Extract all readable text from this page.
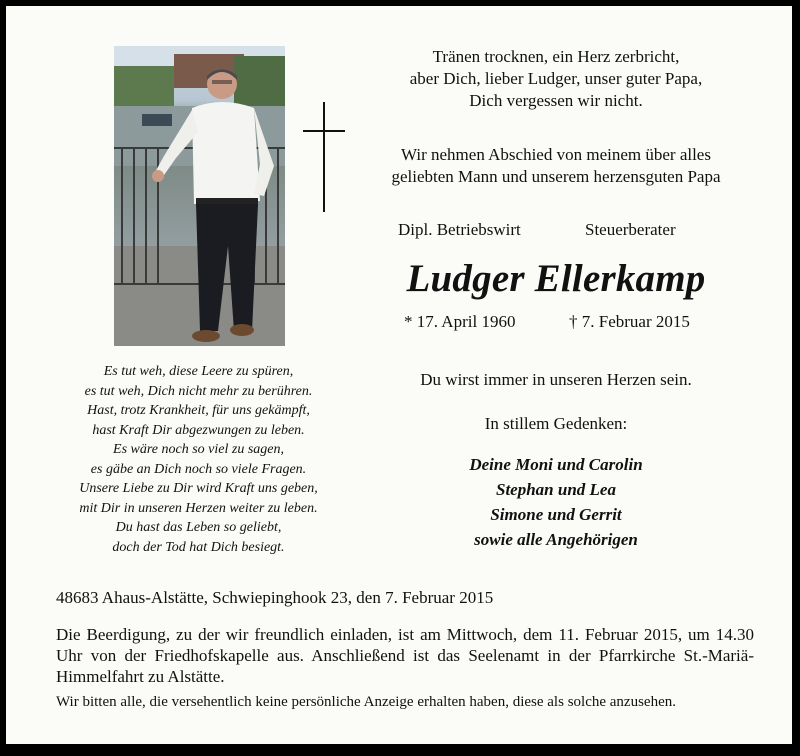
Tränen trocknen, ein Herz zerbricht,
aber Dich, lieber Ludger, unser guter Papa,
Dich vergessen wir nicht.
Wir nehmen Abschied von meinem über alles
geliebten Mann und unserem herzensguten Papa
Dipl. Betriebswirt	Steuerberater
Ludger Ellerkamp
* 17. April 1960	† 7. Februar 2015
Du wirst immer in unseren Herzen sein.
In stillem Gedenken:
Deine Moni und Carolin
Stephan und Lea
Simone und Gerrit
sowie alle Angehörigen
Es tut weh, diese Leere zu spüren,
es tut weh, Dich nicht mehr zu berühren.
Hast, trotz Krankheit, für uns gekämpft,
hast Kraft Dir abgezwungen zu leben.
Es wäre noch so viel zu sagen,
es gäbe an Dich noch so viele Fragen.
Unsere Liebe zu Dir wird Kraft uns geben,
mit Dir in unseren Herzen weiter zu leben.
Du hast das Leben so geliebt,
doch der Tod hat Dich besiegt.
48683 Ahaus-Alstätte, Schwiepinghook 23, den 7. Februar 2015
Die Beerdigung, zu der wir freundlich einladen, ist am Mittwoch, dem 11. Februar 2015, um 14.30 Uhr von der Friedhofskapelle aus. Anschließend ist das Seelenamt in der Pfarrkirche St.-Mariä-Himmelfahrt zu Alstätte.
Wir bitten alle, die versehentlich keine persönliche Anzeige erhalten haben, diese als solche anzusehen.
